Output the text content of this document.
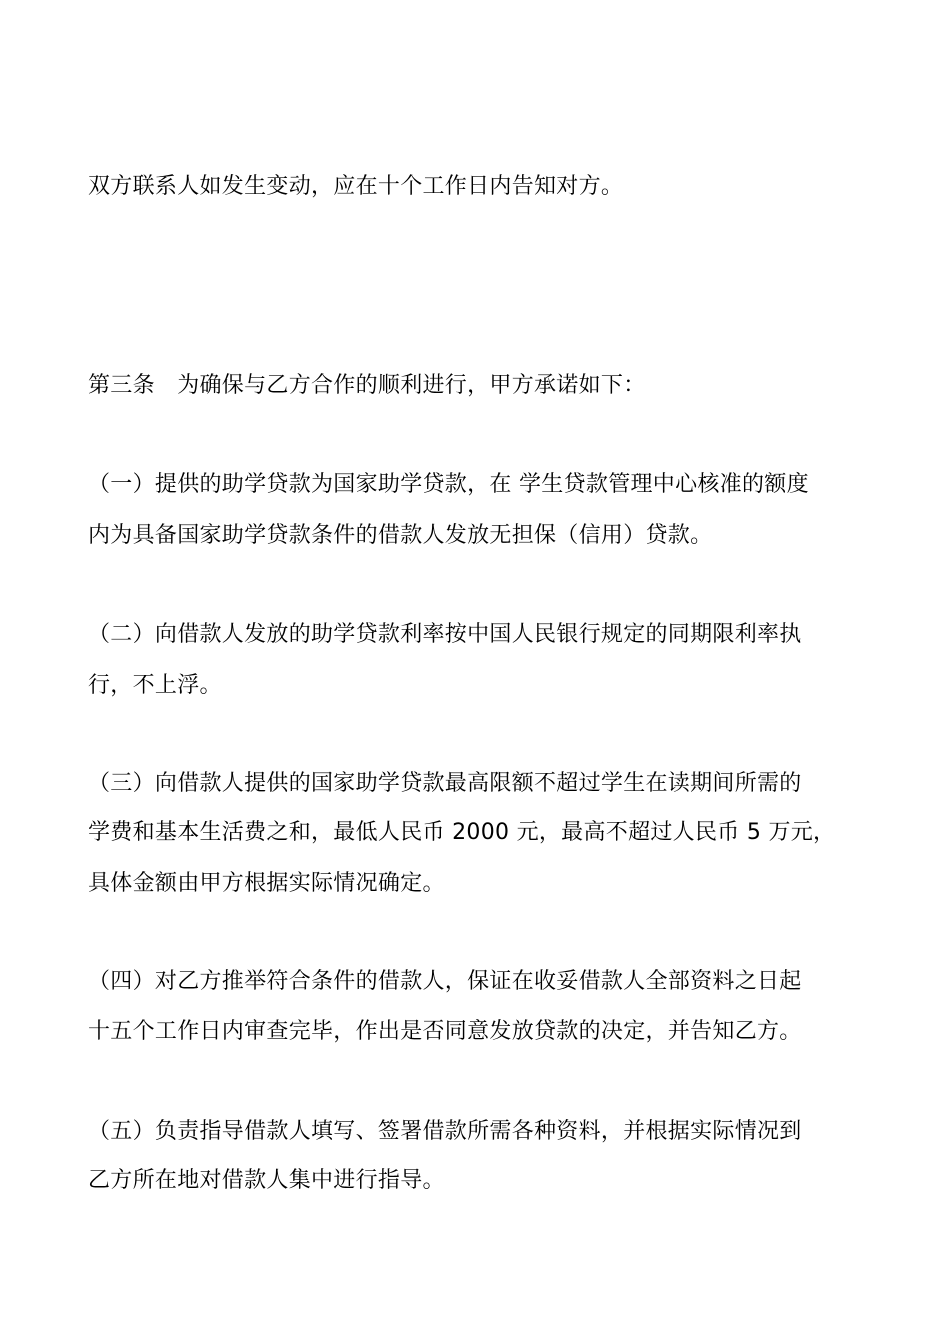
双方联系人如发生变动，应在十个工作日内告知对方。
第三条　为确保与乙方合作的顺利进行，甲方承诺如下：
（一）提供的助学贷款为国家助学贷款，在 学生贷款管理中心核准的额度
内为具备国家助学贷款条件的借款人发放无担保（信用）贷款。
（二）向借款人发放的助学贷款利率按中国人民银行规定的同期限利率执
行，不上浮。
（三）向借款人提供的国家助学贷款最高限额不超过学生在读期间所需的
学费和基本生活费之和，最低人民币 2000 元，最高不超过人民币 5 万元，
具体金额由甲方根据实际情况确定。
（四）对乙方推举符合条件的借款人，保证在收妥借款人全部资料之日起
十五个工作日内审查完毕，作出是否同意发放贷款的决定，并告知乙方。
（五）负责指导借款人填写、签署借款所需各种资料，并根据实际情况到
乙方所在地对借款人集中进行指导。
